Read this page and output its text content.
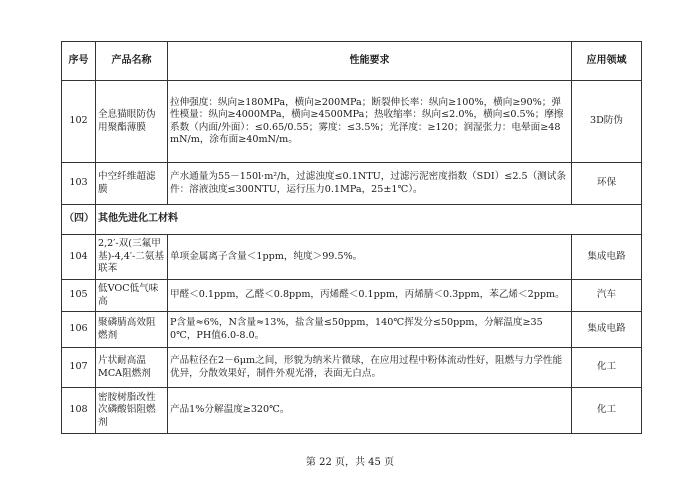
序号	产品名称	性能要求	应用领域
102	全息猫眼防伪用聚酯薄膜	拉伸强度：纵向≥180MPa，横向≥200MPa；断裂伸长率：纵向≥100%，横向≥90%；弹性模量：纵向≥4000MPa，横向≥4500MPa；热收缩率：纵向≤2.0%，横向≤0.5%；摩擦系数（内面/外面）：≤0.65/0.55；雾度：≤3.5%；光泽度：≥120；润湿张力：电晕面≥48mN/m，涂布面≥40mN/m。	3D防伪
103	中空纤维超滤膜	产水通量为55－150l·m²/h，过滤浊度≤0.1NTU，过滤污泥密度指数（SDI）≤2.5（测试条件：溶液浊度≤300NTU，运行压力0.1MPa，25±1℃）。	环保
（四）	其他先进化工材料		
104	2,2′-双(三氟甲基)-4,4′-二氨基联苯	单项金属离子含量＜1ppm，纯度＞99.5%。	集成电路
105	低VOC低气味高	甲醛＜0.1ppm，乙醛＜0.8ppm，丙烯醛＜0.1ppm，丙烯腈＜0.3ppm，苯乙烯＜2ppm。	汽车
106	聚磷腈高效阻燃剂	P含量≈6%，N含量≈13%，盐含量≤50ppm，140℃挥发分≤50ppm，分解温度≥350℃，PH值6.0-8.0。	集成电路
107	片状耐高温MCA阻燃剂	产品粒径在2－6μm之间，形貌为纳米片微球，在应用过程中粉体流动性好，阻燃与力学性能优异，分散效果好，制件外观光滑，表面无白点。	化工
108	密胺树脂改性次磷酸铝阻燃剂	产品1%分解温度≥320℃。	化工
第 22 页，共 45 页
